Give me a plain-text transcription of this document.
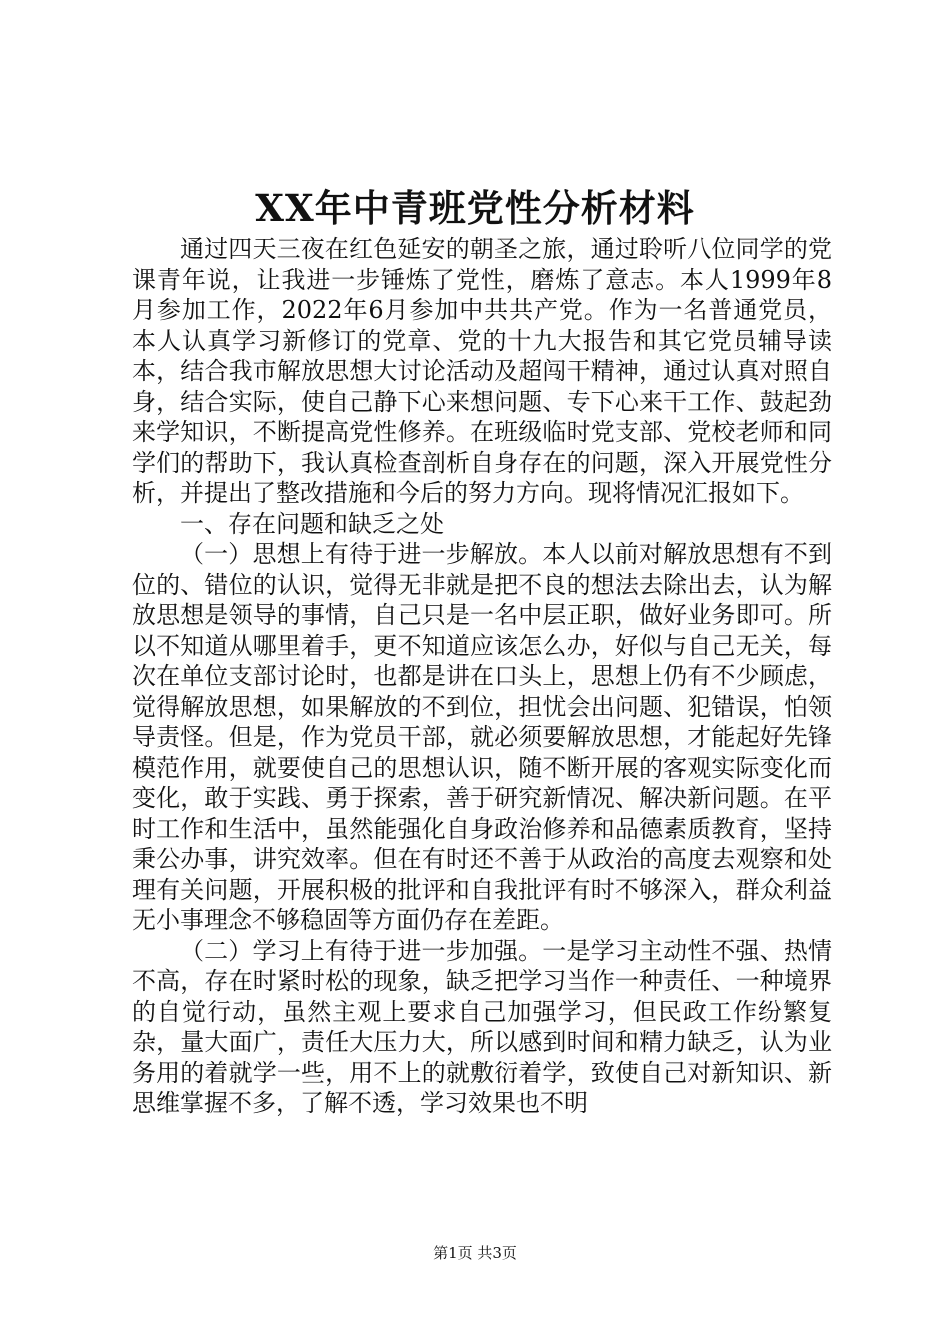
XX年中青班党性分析材料

通过四天三夜在红色延安的朝圣之旅，通过聆听八位同学的党课青年说，让我进一步锤炼了党性，磨炼了意志。本人1999年8月参加工作，2022年6月参加中共共产党。作为一名普通党员，本人认真学习新修订的党章、党的十九大报告和其它党员辅导读本，结合我市解放思想大讨论活动及超闯干精神，通过认真对照自身，结合实际，使自己静下心来想问题、专下心来干工作、鼓起劲来学知识，不断提高党性修养。在班级临时党支部、党校老师和同学们的帮助下，我认真检查剖析自身存在的问题，深入开展党性分析，并提出了整改措施和今后的努力方向。现将情况汇报如下。

一、存在问题和缺乏之处

（一）思想上有待于进一步解放。本人以前对解放思想有不到位的、错位的认识，觉得无非就是把不良的想法去除出去，认为解放思想是领导的事情，自己只是一名中层正职，做好业务即可。所以不知道从哪里着手，更不知道应该怎么办，好似与自己无关，每次在单位支部讨论时，也都是讲在口头上，思想上仍有不少顾虑，觉得解放思想，如果解放的不到位，担忧会出问题、犯错误，怕领导责怪。但是，作为党员干部，就必须要解放思想，才能起好先锋模范作用，就要使自己的思想认识，随不断开展的客观实际变化而变化，敢于实践、勇于探索，善于研究新情况、解决新问题。在平时工作和生活中，虽然能强化自身政治修养和品德素质教育，坚持秉公办事，讲究效率。但在有时还不善于从政治的高度去观察和处理有关问题，开展积极的批评和自我批评有时不够深入，群众利益无小事理念不够稳固等方面仍存在差距。

（二）学习上有待于进一步加强。一是学习主动性不强、热情不高，存在时紧时松的现象，缺乏把学习当作一种责任、一种境界的自觉行动，虽然主观上要求自己加强学习，但民政工作纷繁复杂，量大面广，责任大压力大，所以感到时间和精力缺乏，认为业务用的着就学一些，用不上的就敷衍着学，致使自己对新知识、新思维掌握不多，了解不透，学习效果也不明

第1页 共3页
